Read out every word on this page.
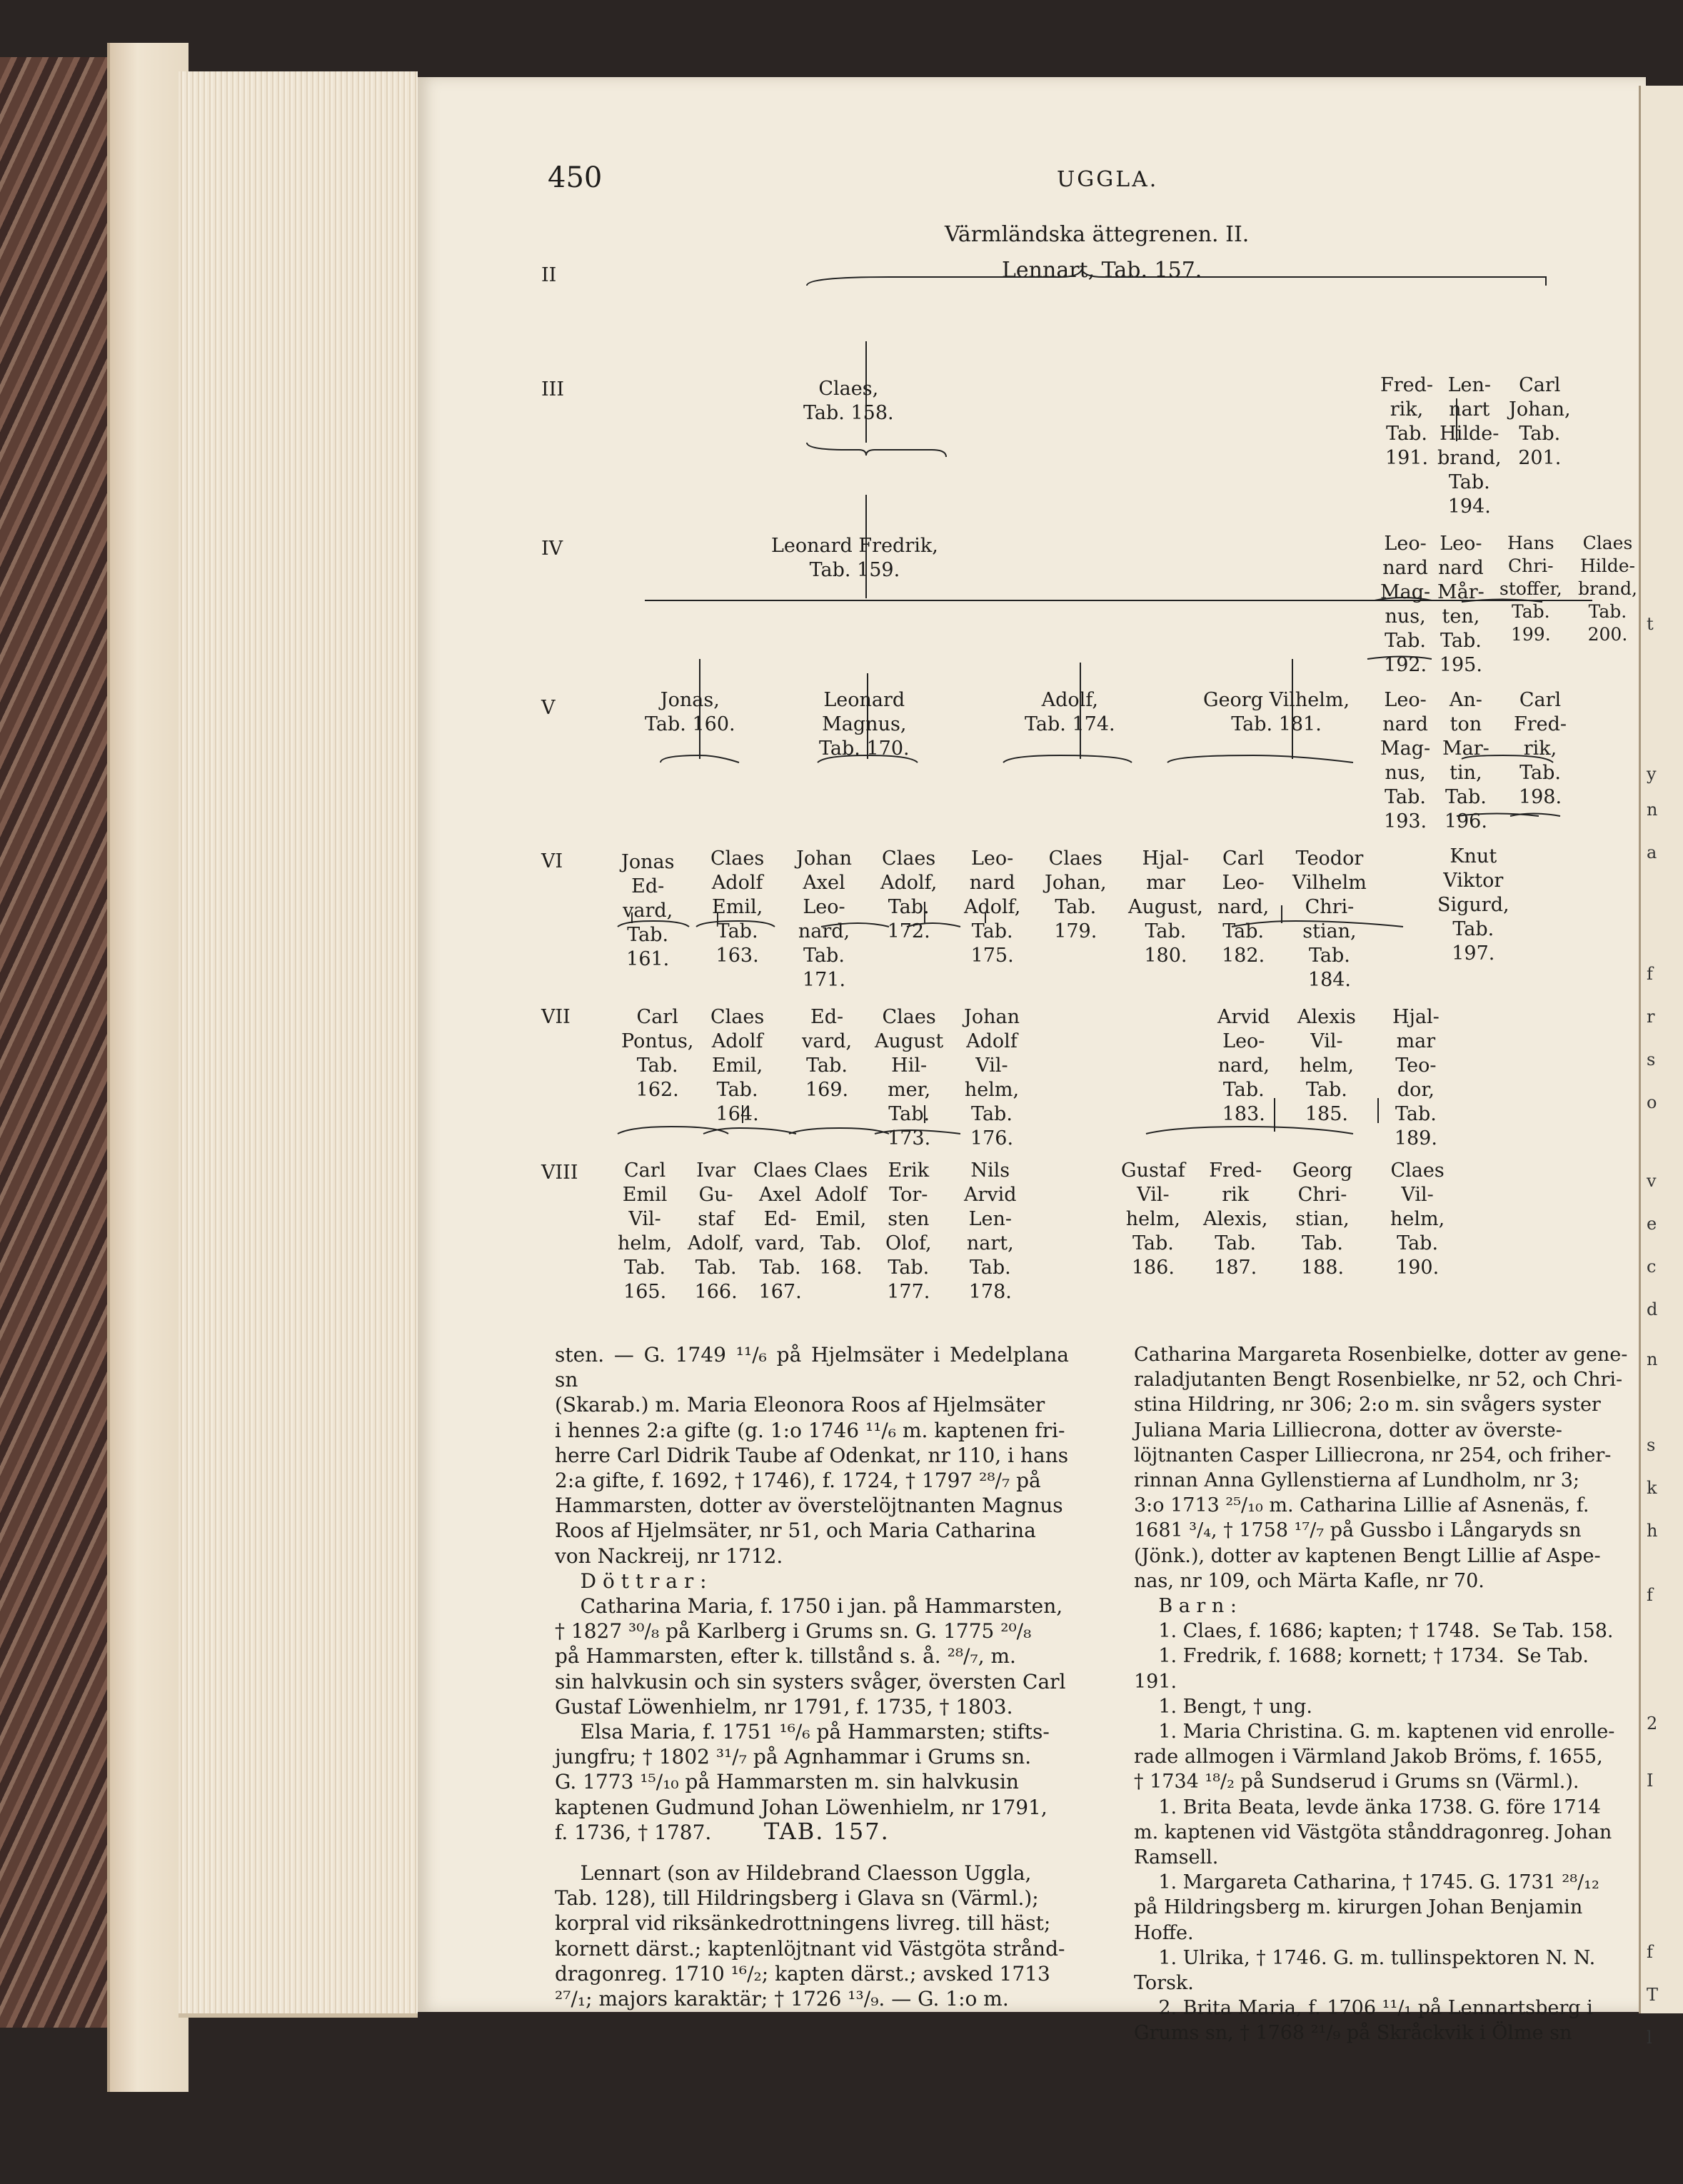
450	UGGLA.
Värmländska ättegrenen. II.
II
III
IV
V
VI
VII
VIII
Lennart, Tab. 157.
Claes,
Tab. 158.
Fred-
rik,
Tab.
191.
Len-
nart
Hilde-
brand,
Tab.
194.
Carl
Johan,
Tab.
201.
Leonard Fredrik,
Tab. 159.
Leo-
nard
Mag-
nus,
Tab.
192.
Leo-
nard
Mår-
ten,
Tab.
195.
Hans
Chri-
stoffer,
Tab.
199.
Claes
Hilde-
brand,
Tab.
200.
Jonas,
Tab. 160.
Leonard
Magnus,
Tab. 170.
Adolf,
Tab. 174.
Georg Vilhelm,
Tab. 181.
Leo-
nard
Mag-
nus,
Tab.
193.
An-
ton
Mar-
tin,
Tab.
196.
Carl
Fred-
rik,
Tab.
198.
Jonas
Ed-
vard,
Tab.
161.
Claes
Adolf
Emil,
Tab.
163.
Johan
Axel
Leo-
nard,
Tab.
171.
Claes
Adolf,
Tab.
172.
Leo-
nard
Adolf,
Tab.
175.
Claes
Johan,
Tab.
179.
Hjal-
mar
August,
Tab.
180.
Carl
Leo-
nard,
Tab.
182.
Teodor
Vilhelm
Chri-
stian,
Tab.
184.
Knut
Viktor
Sigurd,
Tab.
197.
Carl
Pontus,
Tab.
162.
Claes
Adolf
Emil,
Tab.
164.
Ed-
vard,
Tab.
169.
Claes
August
Hil-
mer,
Tab.
173.
Johan
Adolf
Vil-
helm,
Tab.
176.
Arvid
Leo-
nard,
Tab.
183.
Alexis
Vil-
helm,
Tab.
185.
Hjal-
mar
Teo-
dor,
Tab.
189.
Carl
Emil
Vil-
helm,
Tab.
165.
Ivar
Gu-
staf
Adolf,
Tab.
166.
Claes
Axel
Ed-
vard,
Tab.
167.
Claes
Adolf
Emil,
Tab.
168.
Erik
Tor-
sten
Olof,
Tab.
177.
Nils
Arvid
Len-
nart,
Tab.
178.
Gustaf
Vil-
helm,
Tab.
186.
Fred-
rik
Alexis,
Tab.
187.
Georg
Chri-
stian,
Tab.
188.
Claes
Vil-
helm,
Tab.
190.

sten. — G. 1749 ¹¹/₆ på Hjelmsäter i Medelplana sn

(Skarab.) m. Maria Eleonora Roos af Hjelmsäter

i hennes 2:a gifte (g. 1:o 1746 ¹¹/₆ m. kaptenen fri-

herre Carl Didrik Taube af Odenkat, nr 110, i hans

2:a gifte, f. 1692, † 1746), f. 1724, † 1797 ²⁸/₇ på

Hammarsten, dotter av överstelöjtnanten Magnus

Roos af Hjelmsäter, nr 51, och Maria Catharina

von Nackreij, nr 1712.

D ö t t r a r :

Catharina Maria, f. 1750 i jan. på Hammarsten,

† 1827 ³⁰/₈ på Karlberg i Grums sn. G. 1775 ²⁰/₈

på Hammarsten, efter k. tillstånd s. å. ²⁸/₇, m.

sin halvkusin och sin systers svåger, översten Carl

Gustaf Löwenhielm, nr 1791, f. 1735, † 1803.

Elsa Maria, f. 1751 ¹⁶/₆ på Hammarsten; stifts-

jungfru; † 1802 ³¹/₇ på Agnhammar i Grums sn.

G. 1773 ¹⁵/₁₀ på Hammarsten m. sin halvkusin

kaptenen Gudmund Johan Löwenhielm, nr 1791,

f. 1736, † 1787.	TAB. 157.

Lennart (son av Hildebrand Claesson Uggla,

Tab. 128), till Hildringsberg i Glava sn (Värml.);

korpral vid riksänkedrottningens livreg. till häst;

kornett därst.; kaptenlöjtnant vid Västgöta strånd-

dragonreg. 1710 ¹⁶/₂; kapten därst.; avsked 1713

²⁷/₁; majors karaktär; † 1726 ¹³/₉. — G. 1:o m.

Catharina Margareta Rosenbielke, dotter av gene-

raladjutanten Bengt Rosenbielke, nr 52, och Chri-

stina Hildring, nr 306; 2:o m. sin svågers syster

Juliana Maria Lilliecrona, dotter av överste-

löjtnanten Casper Lilliecrona, nr 254, och friher-

rinnan Anna Gyllenstierna af Lundholm, nr 3;

3:o 1713 ²⁵/₁₀ m. Catharina Lillie af Asnenäs, f.

1681 ³/₄, † 1758 ¹⁷/₇ på Gussbo i Långaryds sn

(Jönk.), dotter av kaptenen Bengt Lillie af Aspe-

nas, nr 109, och Märta Kafle, nr 70.

B a r n :

1. Claes, f. 1686; kapten; † 1748.  Se Tab. 158.

1. Fredrik, f. 1688; kornett; † 1734.  Se Tab.

191.

1. Bengt, † ung.

1. Maria Christina. G. m. kaptenen vid enrolle-

rade allmogen i Värmland Jakob Bröms, f. 1655,

† 1734 ¹⁸/₂ på Sundserud i Grums sn (Värml.).

1. Brita Beata, levde änka 1738. G. före 1714

m. kaptenen vid Västgöta stånddragonreg. Johan

Ramsell.

1. Margareta Catharina, † 1745. G. 1731 ²⁸/₁₂

på Hildringsberg m. kirurgen Johan Benjamin

Hoffe.

1. Ulrika, † 1746. G. m. tullinspektoren N. N.

Torsk.

2. Brita Maria, f. 1706 ¹¹/₁ på Lennartsberg i

Grums sn, † 1768 ²¹/₉ på Skråckvik i Ölme sn

t
y
n
a
f
r
s
o
v
e
c
d
n
s
k
h
f
2
I
f
T
l
